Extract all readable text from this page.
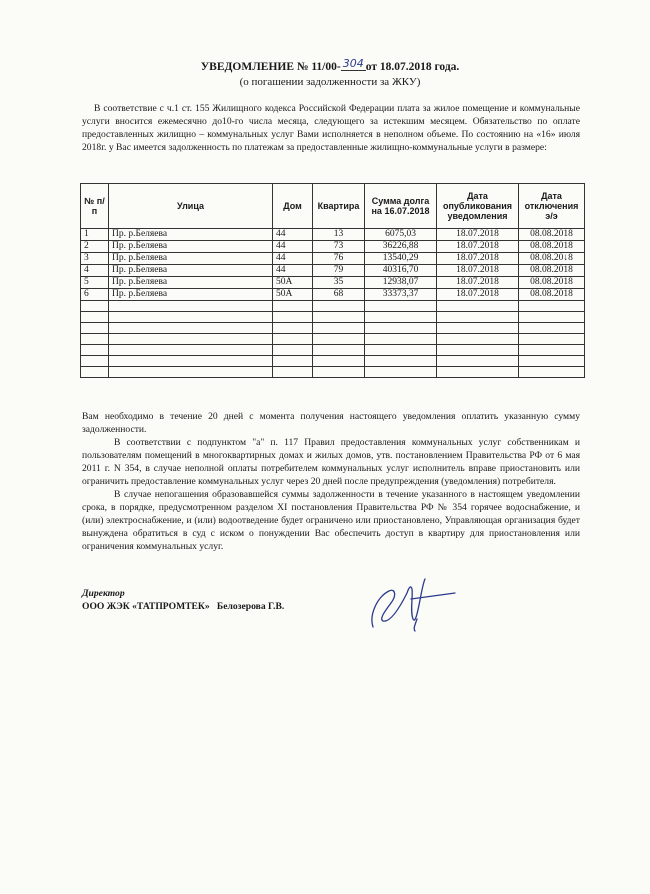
УВЕДОМЛЕНИЕ № 11/00- 304 от 18.07.2018 года.
(о погашении задолженности за ЖКУ)

В соответствие с ч.1 ст. 155 Жилищного кодекса Российской Федерации плата за жилое помещение и коммунальные услуги вносится ежемесячно до10-го числа месяца, следующего за истекшим месяцем. Обязательство по оплате предоставленных жилищно – коммунальных услуг Вами исполняется в неполном объеме. По состоянию на «16» июля 2018г. у Вас имеется задолженность по платежам за предоставленные жилищно-коммунальные услуги в размере:

№ п/п	Улица	Дом	Квартира	Сумма долга на 16.07.2018	Дата опубликования уведомления	Дата отключения э/э
1	Пр. р.Беляева	44	13	6075,03	18.07.2018	08.08.2018
2	Пр. р.Беляева	44	73	36226,88	18.07.2018	08.08.2018
3	Пр. р.Беляева	44	76	13540,29	18.07.2018	08.08.20↓8
4	Пр. р.Беляева	44	79	40316,70	18.07.2018	08.08.2018
5	Пр. р.Беляева	50А	35	12938,07	18.07.2018	08.08.2018
6	Пр. р.Беляева	50А	68	33373,37	18.07.2018	08.08.2018

Вам необходимо в течение 20 дней с момента получения настоящего уведомления оплатить указанную сумму задолженности.

В соответствии с подпунктом "а" п. 117 Правил предоставления коммунальных услуг собственникам и пользователям помещений в многоквартирных домах и жилых домов, утв. постановлением Правительства РФ от 6 мая 2011 г. N 354, в случае неполной оплаты потребителем коммунальных услуг исполнитель вправе приостановить или ограничить предоставление коммунальных услуг через 20 дней после предупреждения (уведомления) потребителя.

В случае непогашения образовавшейся суммы задолженности в течение указанного в настоящем уведомлении срока, в порядке, предусмотренном разделом XI постановления Правительства РФ № 354 горячее водоснабжение, и (или) электроснабжение, и (или) водоотведение будет ограничено или приостановлено, Управляющая организация будет вынуждена обратиться в суд с иском о понуждении Вас обеспечить доступ в квартиру для приостановления или ограничения коммунальных услуг.

Директор
ООО ЖЭК «ТАТПРОМТЕК» Белозерова Г.В.
